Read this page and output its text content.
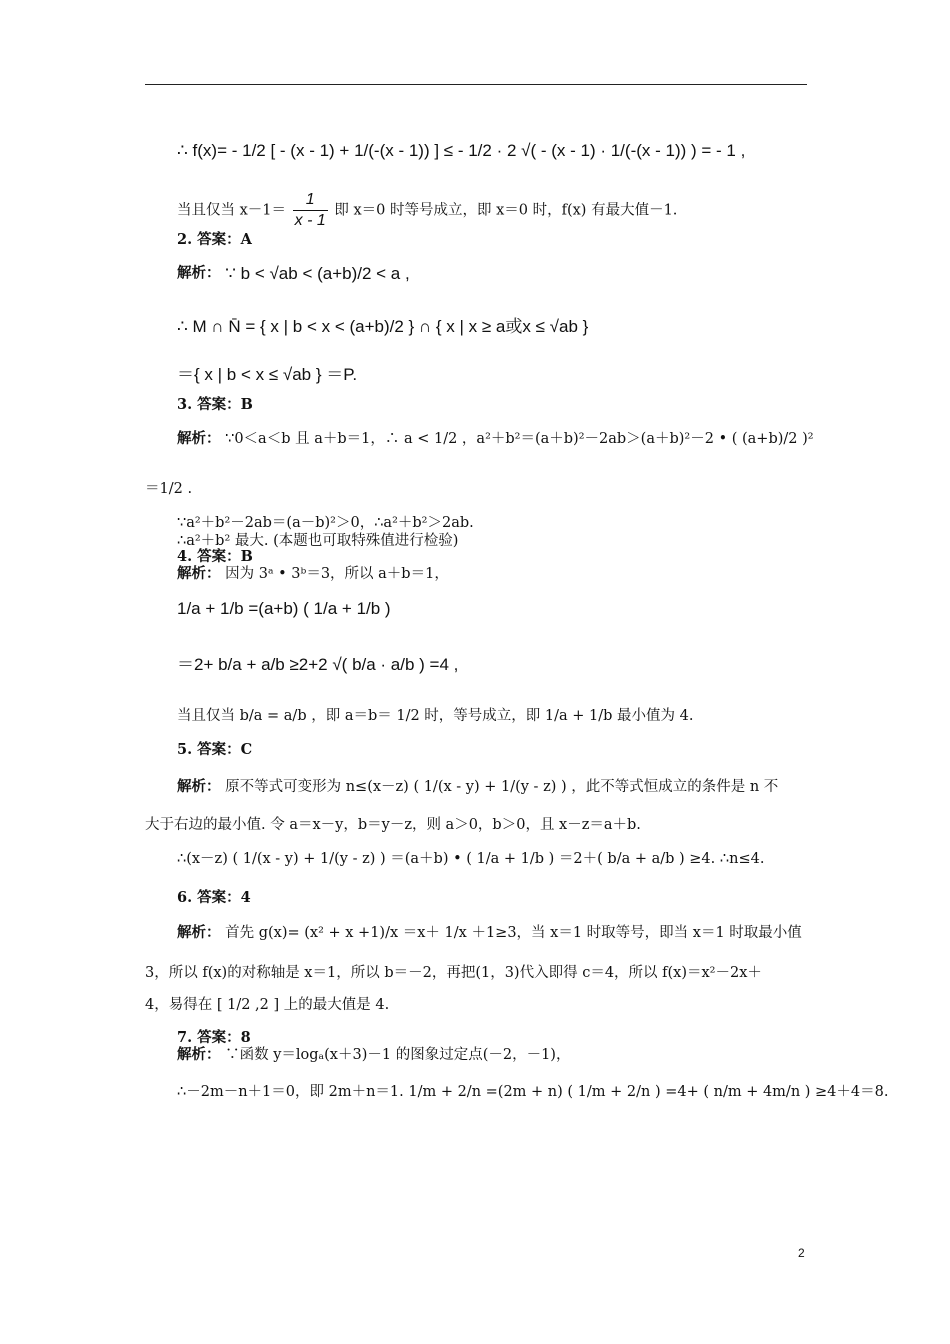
∴ f(x)= - 1/2 [ - (x - 1) + 1/(-(x - 1)) ] ≤ - 1/2 · 2 √( - (x - 1) · 1/(-(x - 1)) ) = - 1 ,
当且仅当 $x-1= \frac{1}{x - 1}$ 即 x＝0 时等号成立，即 x＝0 时，f(x) 有最大值－1.
2. 答案：A
解析： ∵ b < √ab < (a+b)/2 < a ,
∴ M ∩ N̄ = { x | b < x < (a+b)/2 } ∩ { x | x ≥ a或x ≤ √ab }
＝{ x | b < x ≤ √ab } ＝P.
3. 答案：B
解析： ∵0＜a＜b 且 a＋b＝1，∴ a < 1/2 ，a²＋b²＝(a＋b)²－2ab＞(a＋b)²－2 • ( (a+b)/2 )²
＝1/2 .
∵a²＋b²－2ab＝(a－b)²＞0，∴a²＋b²＞2ab.
∴a²＋b² 最大. (本题也可取特殊值进行检验)
4. 答案：B
解析： 因为 3ᵃ • 3ᵇ＝3，所以 a＋b＝1，
1/a + 1/b =(a+b) ( 1/a + 1/b )
＝2+ b/a + a/b ≥2+2 √( b/a · a/b ) =4 ,
当且仅当 b/a = a/b ，即 a＝b＝ 1/2 时，等号成立，即 1/a + 1/b 最小值为 4.
5. 答案：C
解析： 原不等式可变形为 n≤(x－z) ( 1/(x - y) + 1/(y - z) ) ，此不等式恒成立的条件是 n 不
大于右边的最小值. 令 a＝x－y，b＝y－z，则 a＞0，b＞0，且 x－z＝a＋b.
∴(x－z) ( 1/(x - y) + 1/(y - z) ) ＝(a＋b) • ( 1/a + 1/b ) ＝2＋( b/a + a/b ) ≥4. ∴n≤4.
6. 答案：4
解析： 首先 g(x)= (x² + x +1)/x ＝x＋ 1/x ＋1≥3，当 x＝1 时取等号，即当 x＝1 时取最小值
3，所以 f(x)的对称轴是 x＝1，所以 b＝－2，再把(1，3)代入即得 c＝4，所以 f(x)＝x²－2x＋
4，易得在 [ 1/2 ,2 ] 上的最大值是 4.
7. 答案：8
解析： ∵函数 y＝logₐ(x＋3)－1 的图象过定点(－2，－1)，
∴－2m－n＋1＝0，即 2m＋n＝1. 1/m + 2/n =(2m + n) ( 1/m + 2/n ) =4+ ( n/m + 4m/n ) ≥4＋4＝8.
2
